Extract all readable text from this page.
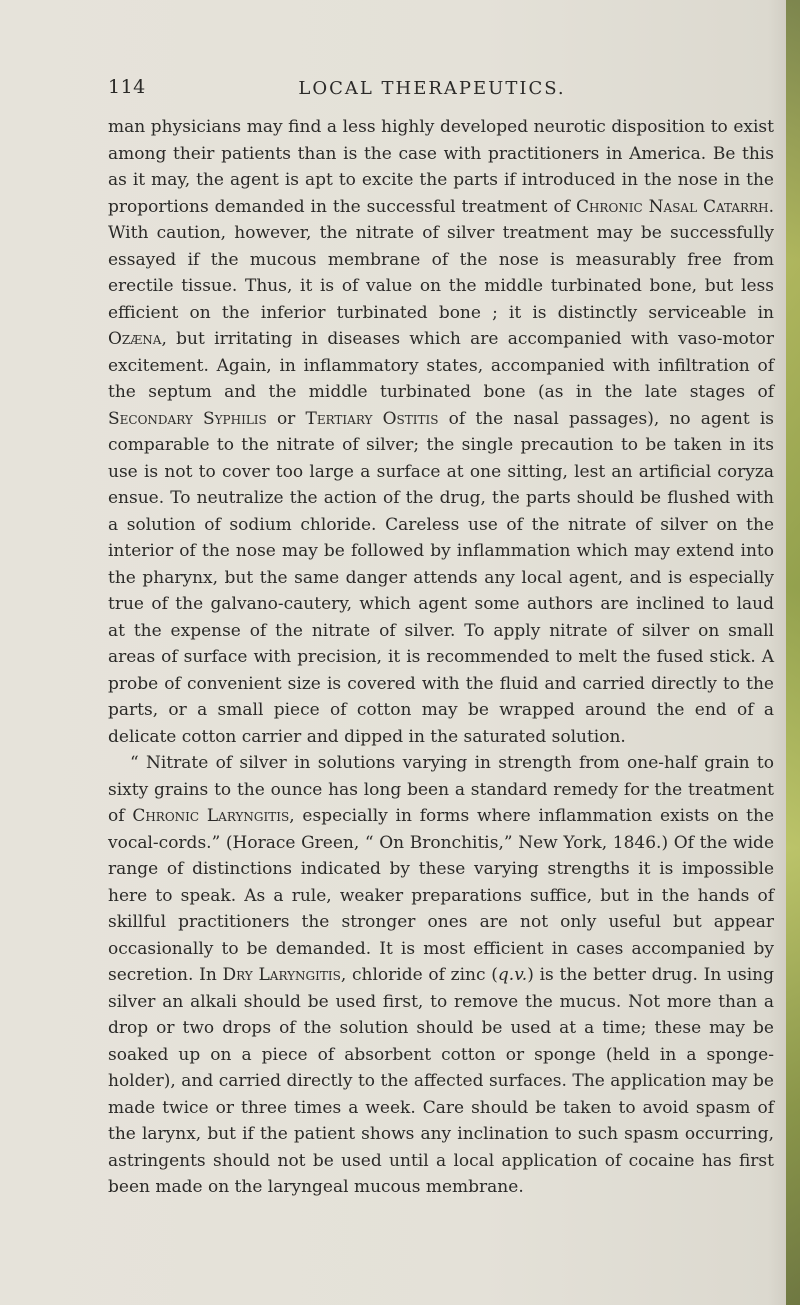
114	LOCAL THERAPEUTICS.

man physicians may find a less highly developed neurotic disposition to exist among their patients than is the case with practitioners in America. Be this as it may, the agent is apt to excite the parts if introduced in the nose in the proportions demanded in the successful treatment of Chronic Nasal Catarrh. With caution, however, the nitrate of silver treatment may be successfully essayed if the mucous membrane of the nose is measurably free from erectile tissue. Thus, it is of value on the middle turbinated bone, but less efficient on the inferior turbinated bone ; it is distinctly serviceable in Ozæna, but irritating in diseases which are accompanied with vaso-motor excitement. Again, in inflammatory states, accompanied with infiltration of the septum and the middle turbinated bone (as in the late stages of Secondary Syphilis or Tertiary Ostitis of the nasal passages), no agent is comparable to the nitrate of silver; the single precaution to be taken in its use is not to cover too large a surface at one sitting, lest an artificial coryza ensue. To neutralize the action of the drug, the parts should be flushed with a solution of sodium chloride. Careless use of the nitrate of silver on the interior of the nose may be followed by inflammation which may extend into the pharynx, but the same danger attends any local agent, and is especially true of the galvano-cautery, which agent some authors are inclined to laud at the expense of the nitrate of silver. To apply nitrate of silver on small areas of surface with precision, it is recommended to melt the fused stick. A probe of convenient size is covered with the fluid and carried directly to the parts, or a small piece of cotton may be wrapped around the end of a delicate cotton carrier and dipped in the saturated solution.

“ Nitrate of silver in solutions varying in strength from one-half grain to sixty grains to the ounce has long been a standard remedy for the treatment of Chronic Laryngitis, especially in forms where inflammation exists on the vocal-cords.” (Horace Green, “ On Bronchitis,” New York, 1846.) Of the wide range of distinctions indicated by these varying strengths it is impossible here to speak. As a rule, weaker preparations suffice, but in the hands of skillful practitioners the stronger ones are not only useful but appear occasionally to be demanded. It is most efficient in cases accompanied by secretion. In Dry Laryngitis, chloride of zinc (q.v.) is the better drug. In using silver an alkali should be used first, to remove the mucus. Not more than a drop or two drops of the solution should be used at a time; these may be soaked up on a piece of absorbent cotton or sponge (held in a sponge-holder), and carried directly to the affected surfaces. The application may be made twice or three times a week. Care should be taken to avoid spasm of the larynx, but if the patient shows any inclination to such spasm occurring, astringents should not be used until a local application of cocaine has first been made on the laryngeal mucous membrane.
